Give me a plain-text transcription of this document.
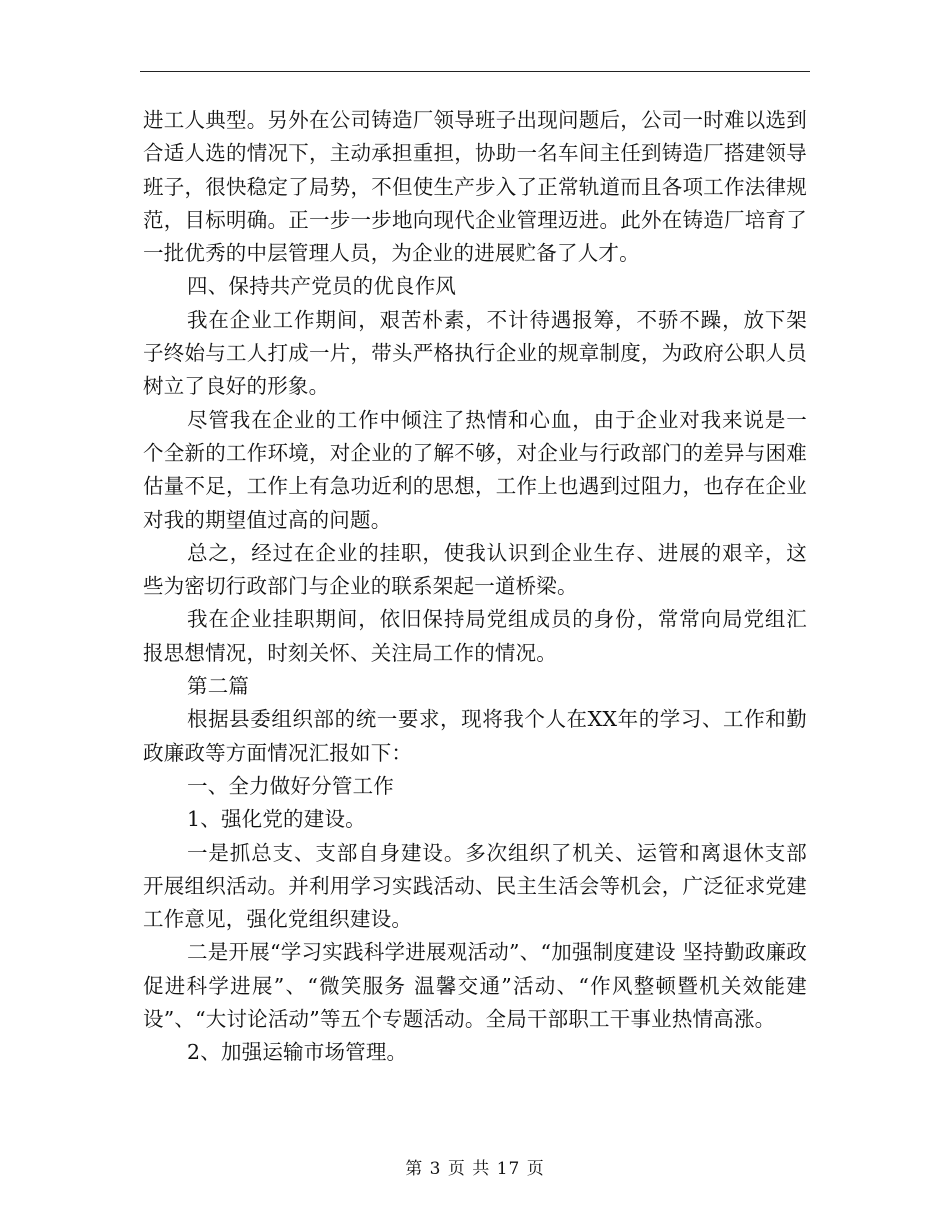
进工人典型。另外在公司铸造厂领导班子出现问题后，公司一时难以选到合适人选的情况下，主动承担重担，协助一名车间主任到铸造厂搭建领导班子，很快稳定了局势，不但使生产步入了正常轨道而且各项工作法律规范，目标明确。正一步一步地向现代企业管理迈进。此外在铸造厂培育了一批优秀的中层管理人员，为企业的进展贮备了人才。

四、保持共产党员的优良作风

我在企业工作期间，艰苦朴素，不计待遇报筹，不骄不躁，放下架子终始与工人打成一片，带头严格执行企业的规章制度，为政府公职人员树立了良好的形象。

尽管我在企业的工作中倾注了热情和心血，由于企业对我来说是一个全新的工作环境，对企业的了解不够，对企业与行政部门的差异与困难估量不足，工作上有急功近利的思想，工作上也遇到过阻力，也存在企业对我的期望值过高的问题。

总之，经过在企业的挂职，使我认识到企业生存、进展的艰辛，这些为密切行政部门与企业的联系架起一道桥梁。

我在企业挂职期间，依旧保持局党组成员的身份，常常向局党组汇报思想情况，时刻关怀、关注局工作的情况。

第二篇

根据县委组织部的统一要求，现将我个人在XX年的学习、工作和勤政廉政等方面情况汇报如下：

一、全力做好分管工作

1、强化党的建设。

一是抓总支、支部自身建设。多次组织了机关、运管和离退休支部开展组织活动。并利用学习实践活动、民主生活会等机会，广泛征求党建工作意见，强化党组织建设。

二是开展“学习实践科学进展观活动”、“加强制度建设 坚持勤政廉政 促进科学进展”、“微笑服务 温馨交通”活动、“作风整顿暨机关效能建设”、“大讨论活动”等五个专题活动。全局干部职工干事业热情高涨。

2、加强运输市场管理。

第 3 页 共 17 页
